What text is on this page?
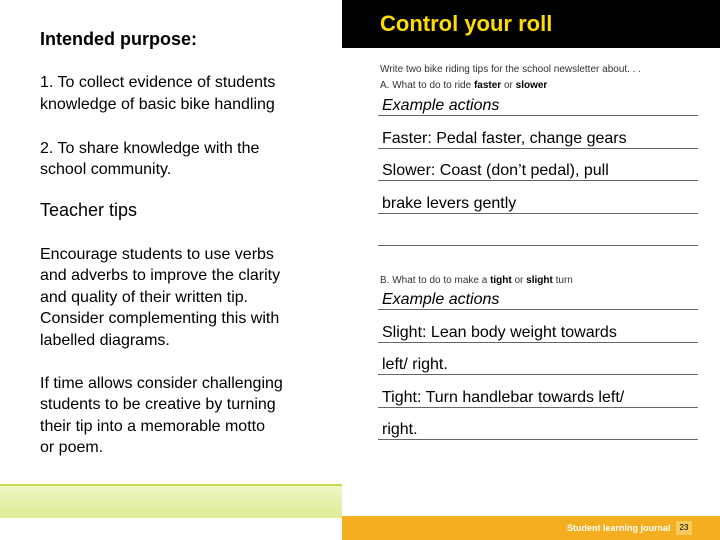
Intended purpose:
1. To collect evidence of students
knowledge of basic bike handling
2. To share knowledge with the
school community.
Teacher tips
Encourage students to use verbs
and adverbs to improve the clarity
and quality of their written tip.
Consider complementing this with
labelled diagrams.
If time allows consider challenging
students to be creative by turning
their tip into a memorable motto
or poem.
Control your roll
Write two bike riding tips for the school newsletter about. . .
A. What to do to ride faster or slower
Example actions
Faster: Pedal faster, change gears
Slower: Coast (don’t pedal), pull
brake levers gently
B. What to do to make a tight or slight turn
Example actions
Slight: Lean body weight towards
left/ right.
Tight: Turn handlebar towards left/
right.
Student learning journal	23
